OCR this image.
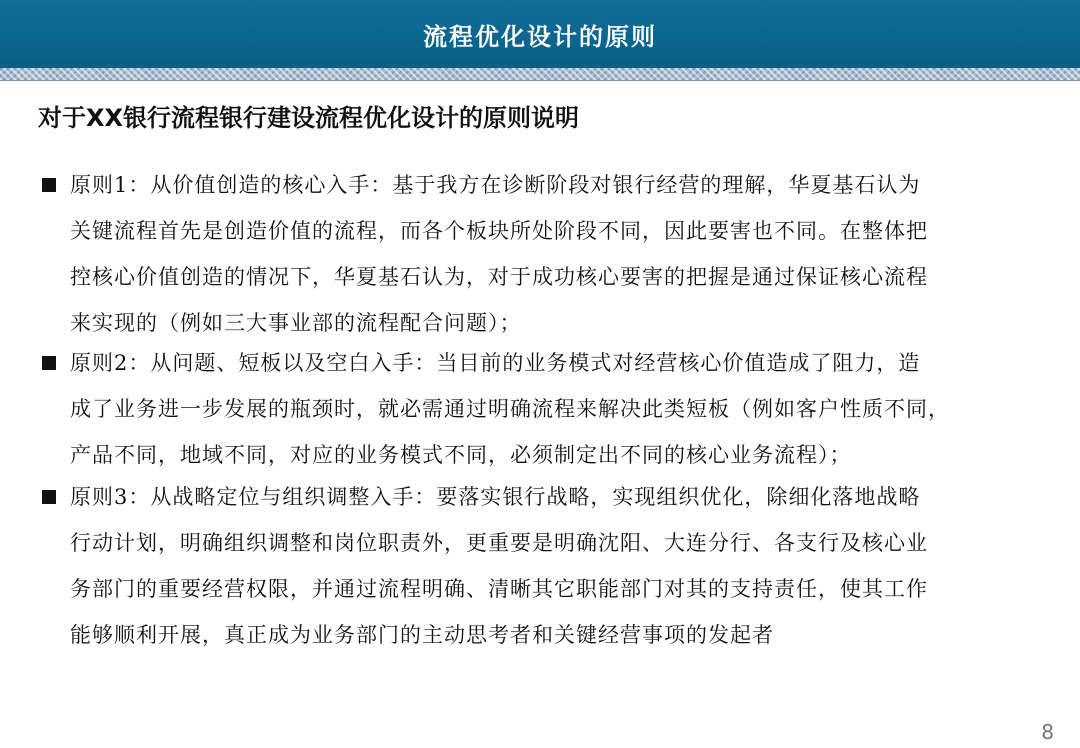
流程优化设计的原则
对于XX银行流程银行建设流程优化设计的原则说明
原则1：从价值创造的核心入手：基于我方在诊断阶段对银行经营的理解，华夏基石认为
关键流程首先是创造价值的流程，而各个板块所处阶段不同，因此要害也不同。在整体把
控核心价值创造的情况下，华夏基石认为，对于成功核心要害的把握是通过保证核心流程
来实现的（例如三大事业部的流程配合问题）；
原则2：从问题、短板以及空白入手：当目前的业务模式对经营核心价值造成了阻力，造
成了业务进一步发展的瓶颈时，就必需通过明确流程来解决此类短板（例如客户性质不同，
产品不同，地域不同，对应的业务模式不同，必须制定出不同的核心业务流程）；
原则3：从战略定位与组织调整入手：要落实银行战略，实现组织优化，除细化落地战略
行动计划，明确组织调整和岗位职责外，更重要是明确沈阳、大连分行、各支行及核心业
务部门的重要经营权限，并通过流程明确、清晰其它职能部门对其的支持责任，使其工作
能够顺利开展，真正成为业务部门的主动思考者和关键经营事项的发起者
8
